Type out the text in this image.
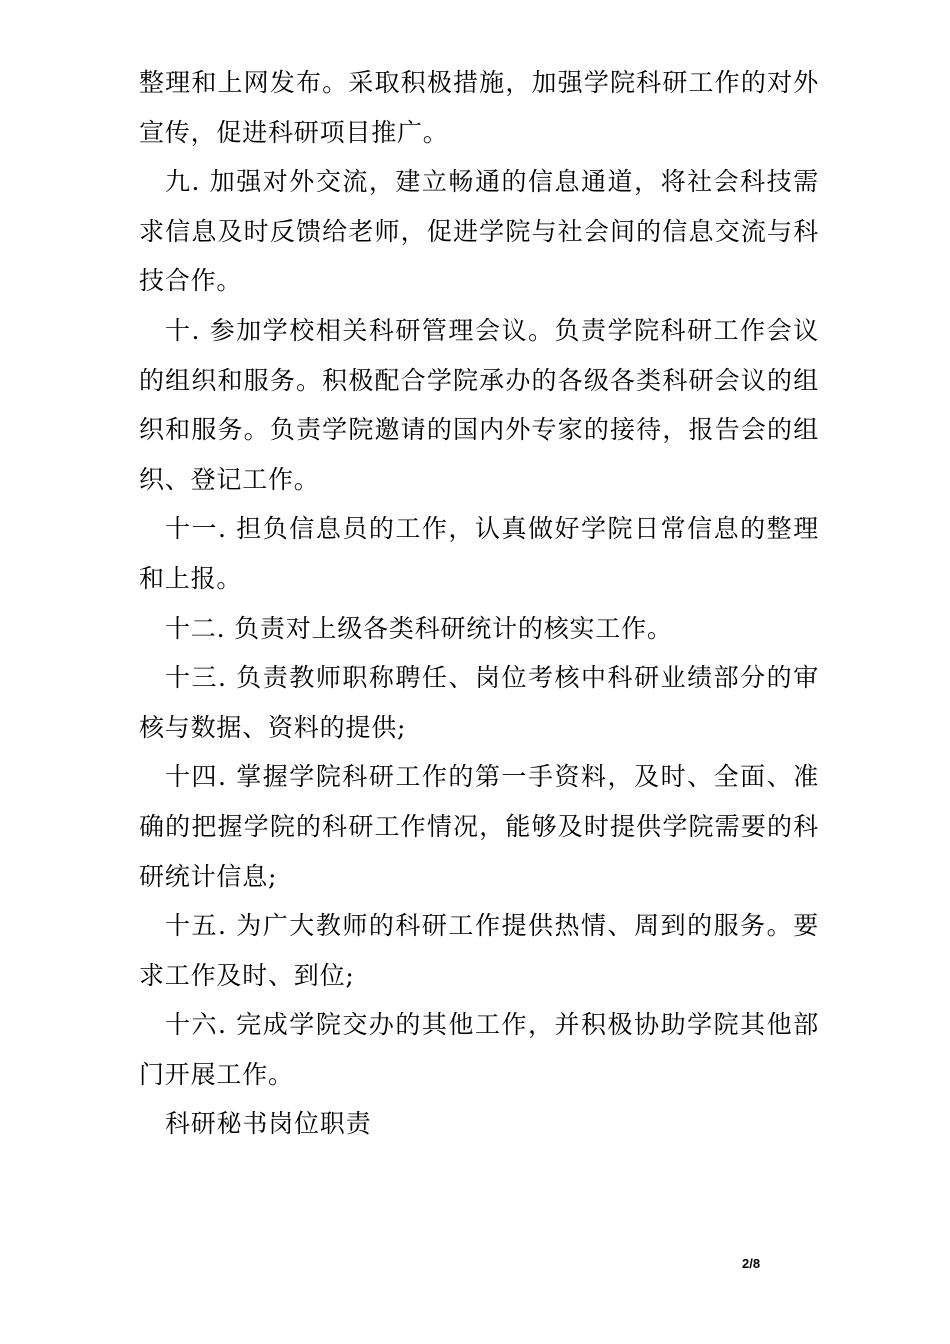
整理和上网发布。采取积极措施，加强学院科研工作的对外宣传，促进科研项目推广。

九. 加强对外交流，建立畅通的信息通道，将社会科技需求信息及时反馈给老师，促进学院与社会间的信息交流与科技合作。

十. 参加学校相关科研管理会议。负责学院科研工作会议的组织和服务。积极配合学院承办的各级各类科研会议的组织和服务。负责学院邀请的国内外专家的接待，报告会的组织、登记工作。

十一. 担负信息员的工作，认真做好学院日常信息的整理和上报。

十二. 负责对上级各类科研统计的核实工作。

十三. 负责教师职称聘任、岗位考核中科研业绩部分的审核与数据、资料的提供;

十四. 掌握学院科研工作的第一手资料，及时、全面、准确的把握学院的科研工作情况，能够及时提供学院需要的科研统计信息;

十五. 为广大教师的科研工作提供热情、周到的服务。要求工作及时、到位;

十六. 完成学院交办的其他工作，并积极协助学院其他部门开展工作。

科研秘书岗位职责

2/8
